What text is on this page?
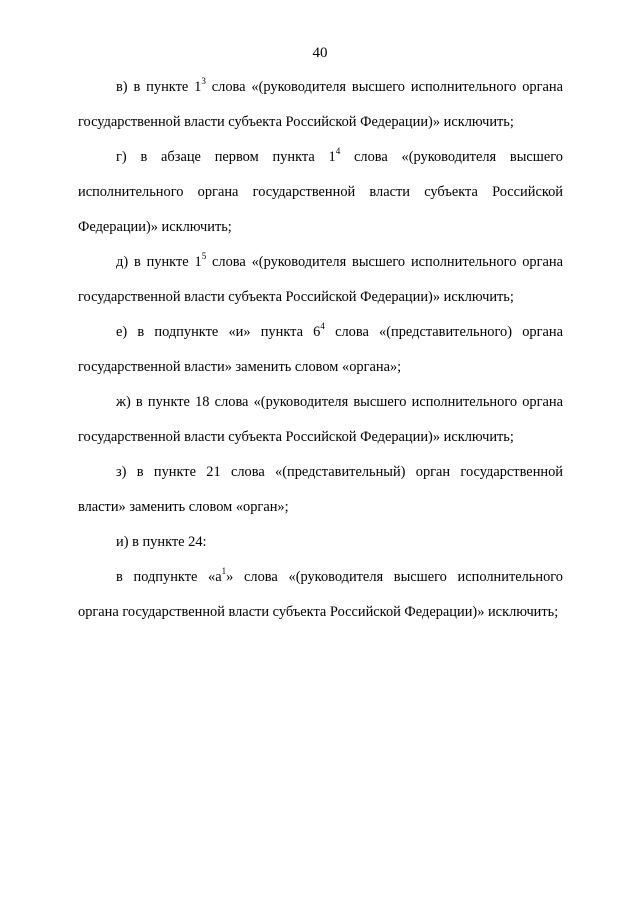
40

в) в пункте $1^3$ слова «(руководителя высшего исполнительного органа государственной власти субъекта Российской Федерации)» исключить;

г) в абзаце первом пункта $1^4$ слова «(руководителя высшего исполнительного органа государственной власти субъекта Российской Федерации)» исключить;

д) в пункте $1^5$ слова «(руководителя высшего исполнительного органа государственной власти субъекта Российской Федерации)» исключить;

е) в подпункте «и» пункта $6^4$ слова «(представительного) органа государственной власти» заменить словом «органа»;

ж) в пункте 18 слова «(руководителя высшего исполнительного органа государственной власти субъекта Российской Федерации)» исключить;

з) в пункте 21 слова «(представительный) орган государственной власти» заменить словом «орган»;

и) в пункте 24:

в подпункте «$а^1$» слова «(руководителя высшего исполнительного органа государственной власти субъекта Российской Федерации)» исключить;
